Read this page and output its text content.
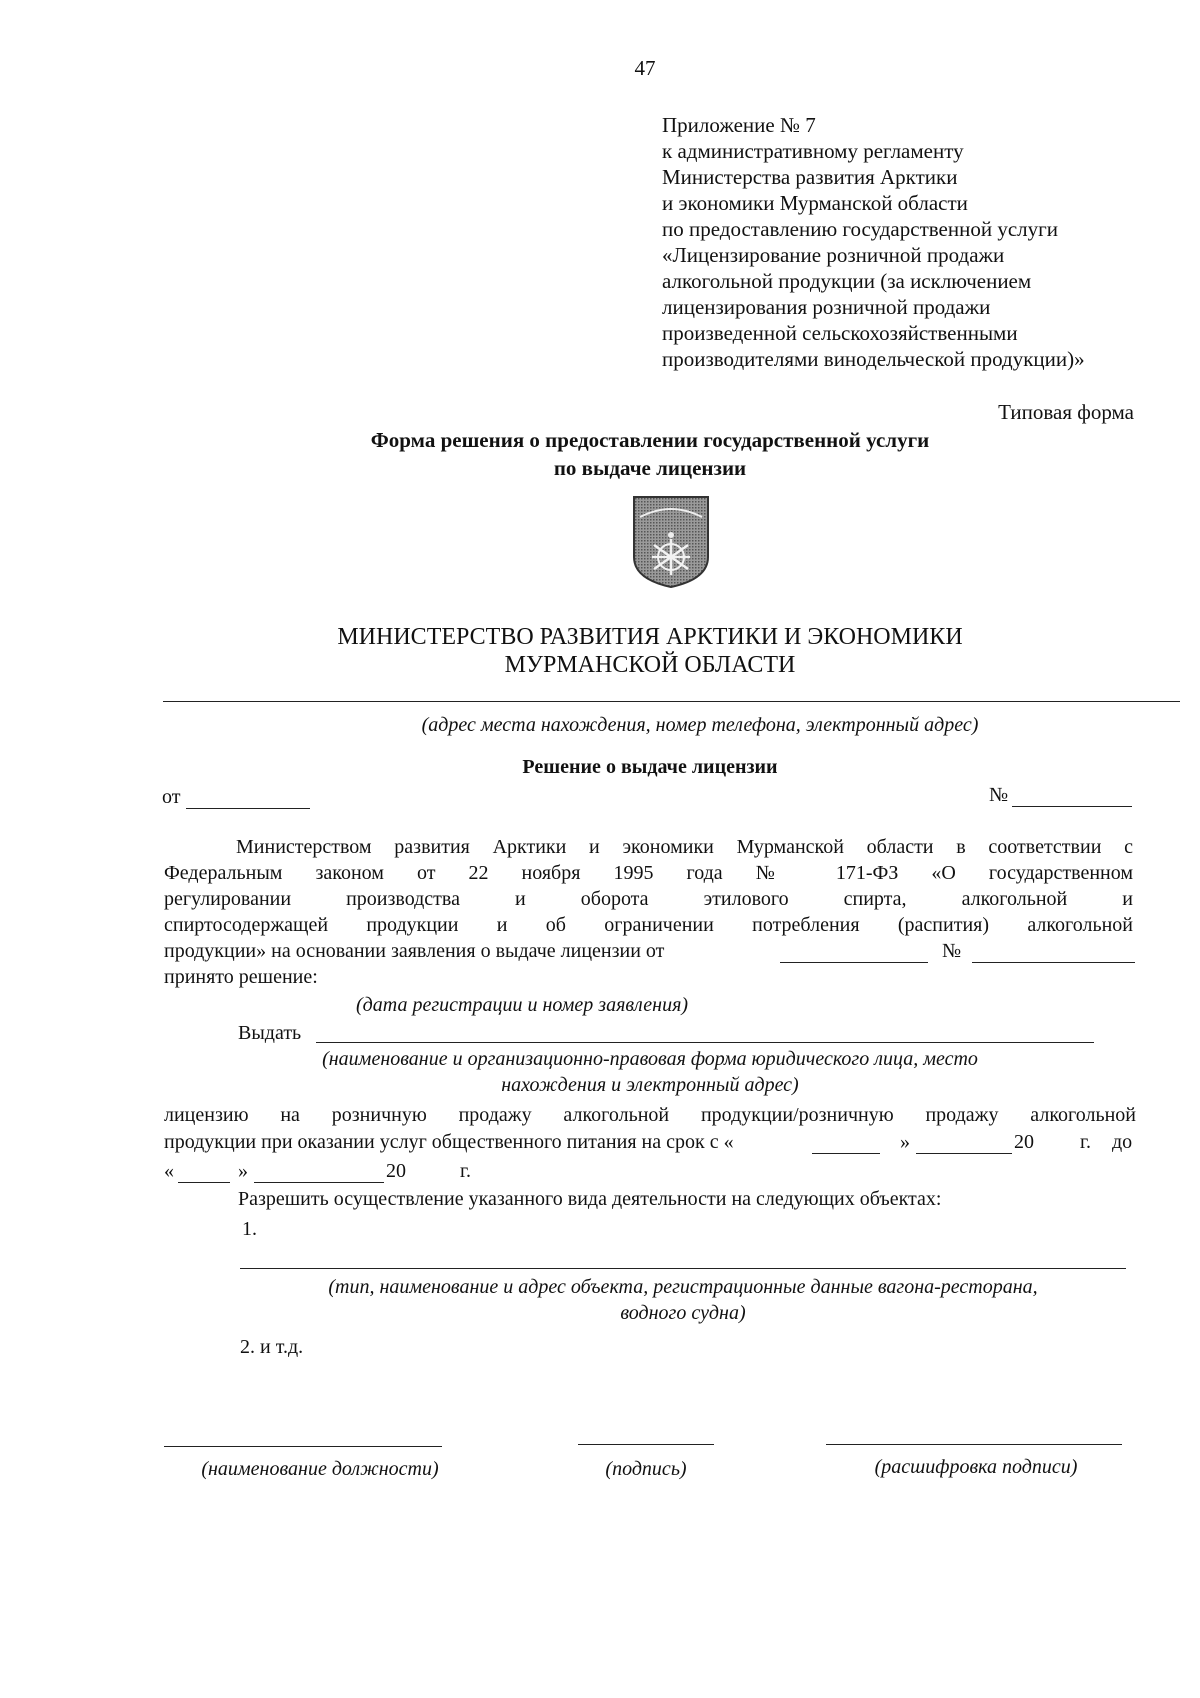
47
Приложение № 7
к административному регламенту
Министерства развития Арктики
и экономики Мурманской области
по предоставлению государственной услуги
«Лицензирование розничной продажи
алкогольной продукции (за исключением
лицензирования розничной продажи
произведенной сельскохозяйственными
производителями винодельческой продукции)»
Типовая форма
Форма решения о предоставлении государственной услуги
по выдаче лицензии
МИНИСТЕРСТВО РАЗВИТИЯ АРКТИКИ И ЭКОНОМИКИ
МУРМАНСКОЙ ОБЛАСТИ
(адрес места нахождения, номер телефона, электронный адрес)
Решение о выдаче лицензии
от	№
Министерством развития Арктики и экономики Мурманской области в соответствии с
Федеральным законом от 22 ноября 1995 года № 171-ФЗ «О государственном
регулировании производства и оборота этилового спирта, алкогольной и
спиртосодержащей продукции и об ограничении потребления (распития) алкогольной
продукции» на основании заявления о выдаче лицензии от	№
принято решение:
(дата регистрации и номер заявления)
Выдать
(наименование и организационно-правовая форма юридического лица, место
нахождения и электронный адрес)
лицензию на розничную продажу алкогольной продукции/розничную продажу алкогольной
продукции при оказании услуг общественного питания на срок с «	»	20 г. до
«	»	20	г.
Разрешить осуществление указанного вида деятельности на следующих объектах:
1.
(тип, наименование и адрес объекта, регистрационные данные вагона-ресторана,
водного судна)
2. и т.д.
(наименование должности)	(подпись)	(расшифровка подписи)
